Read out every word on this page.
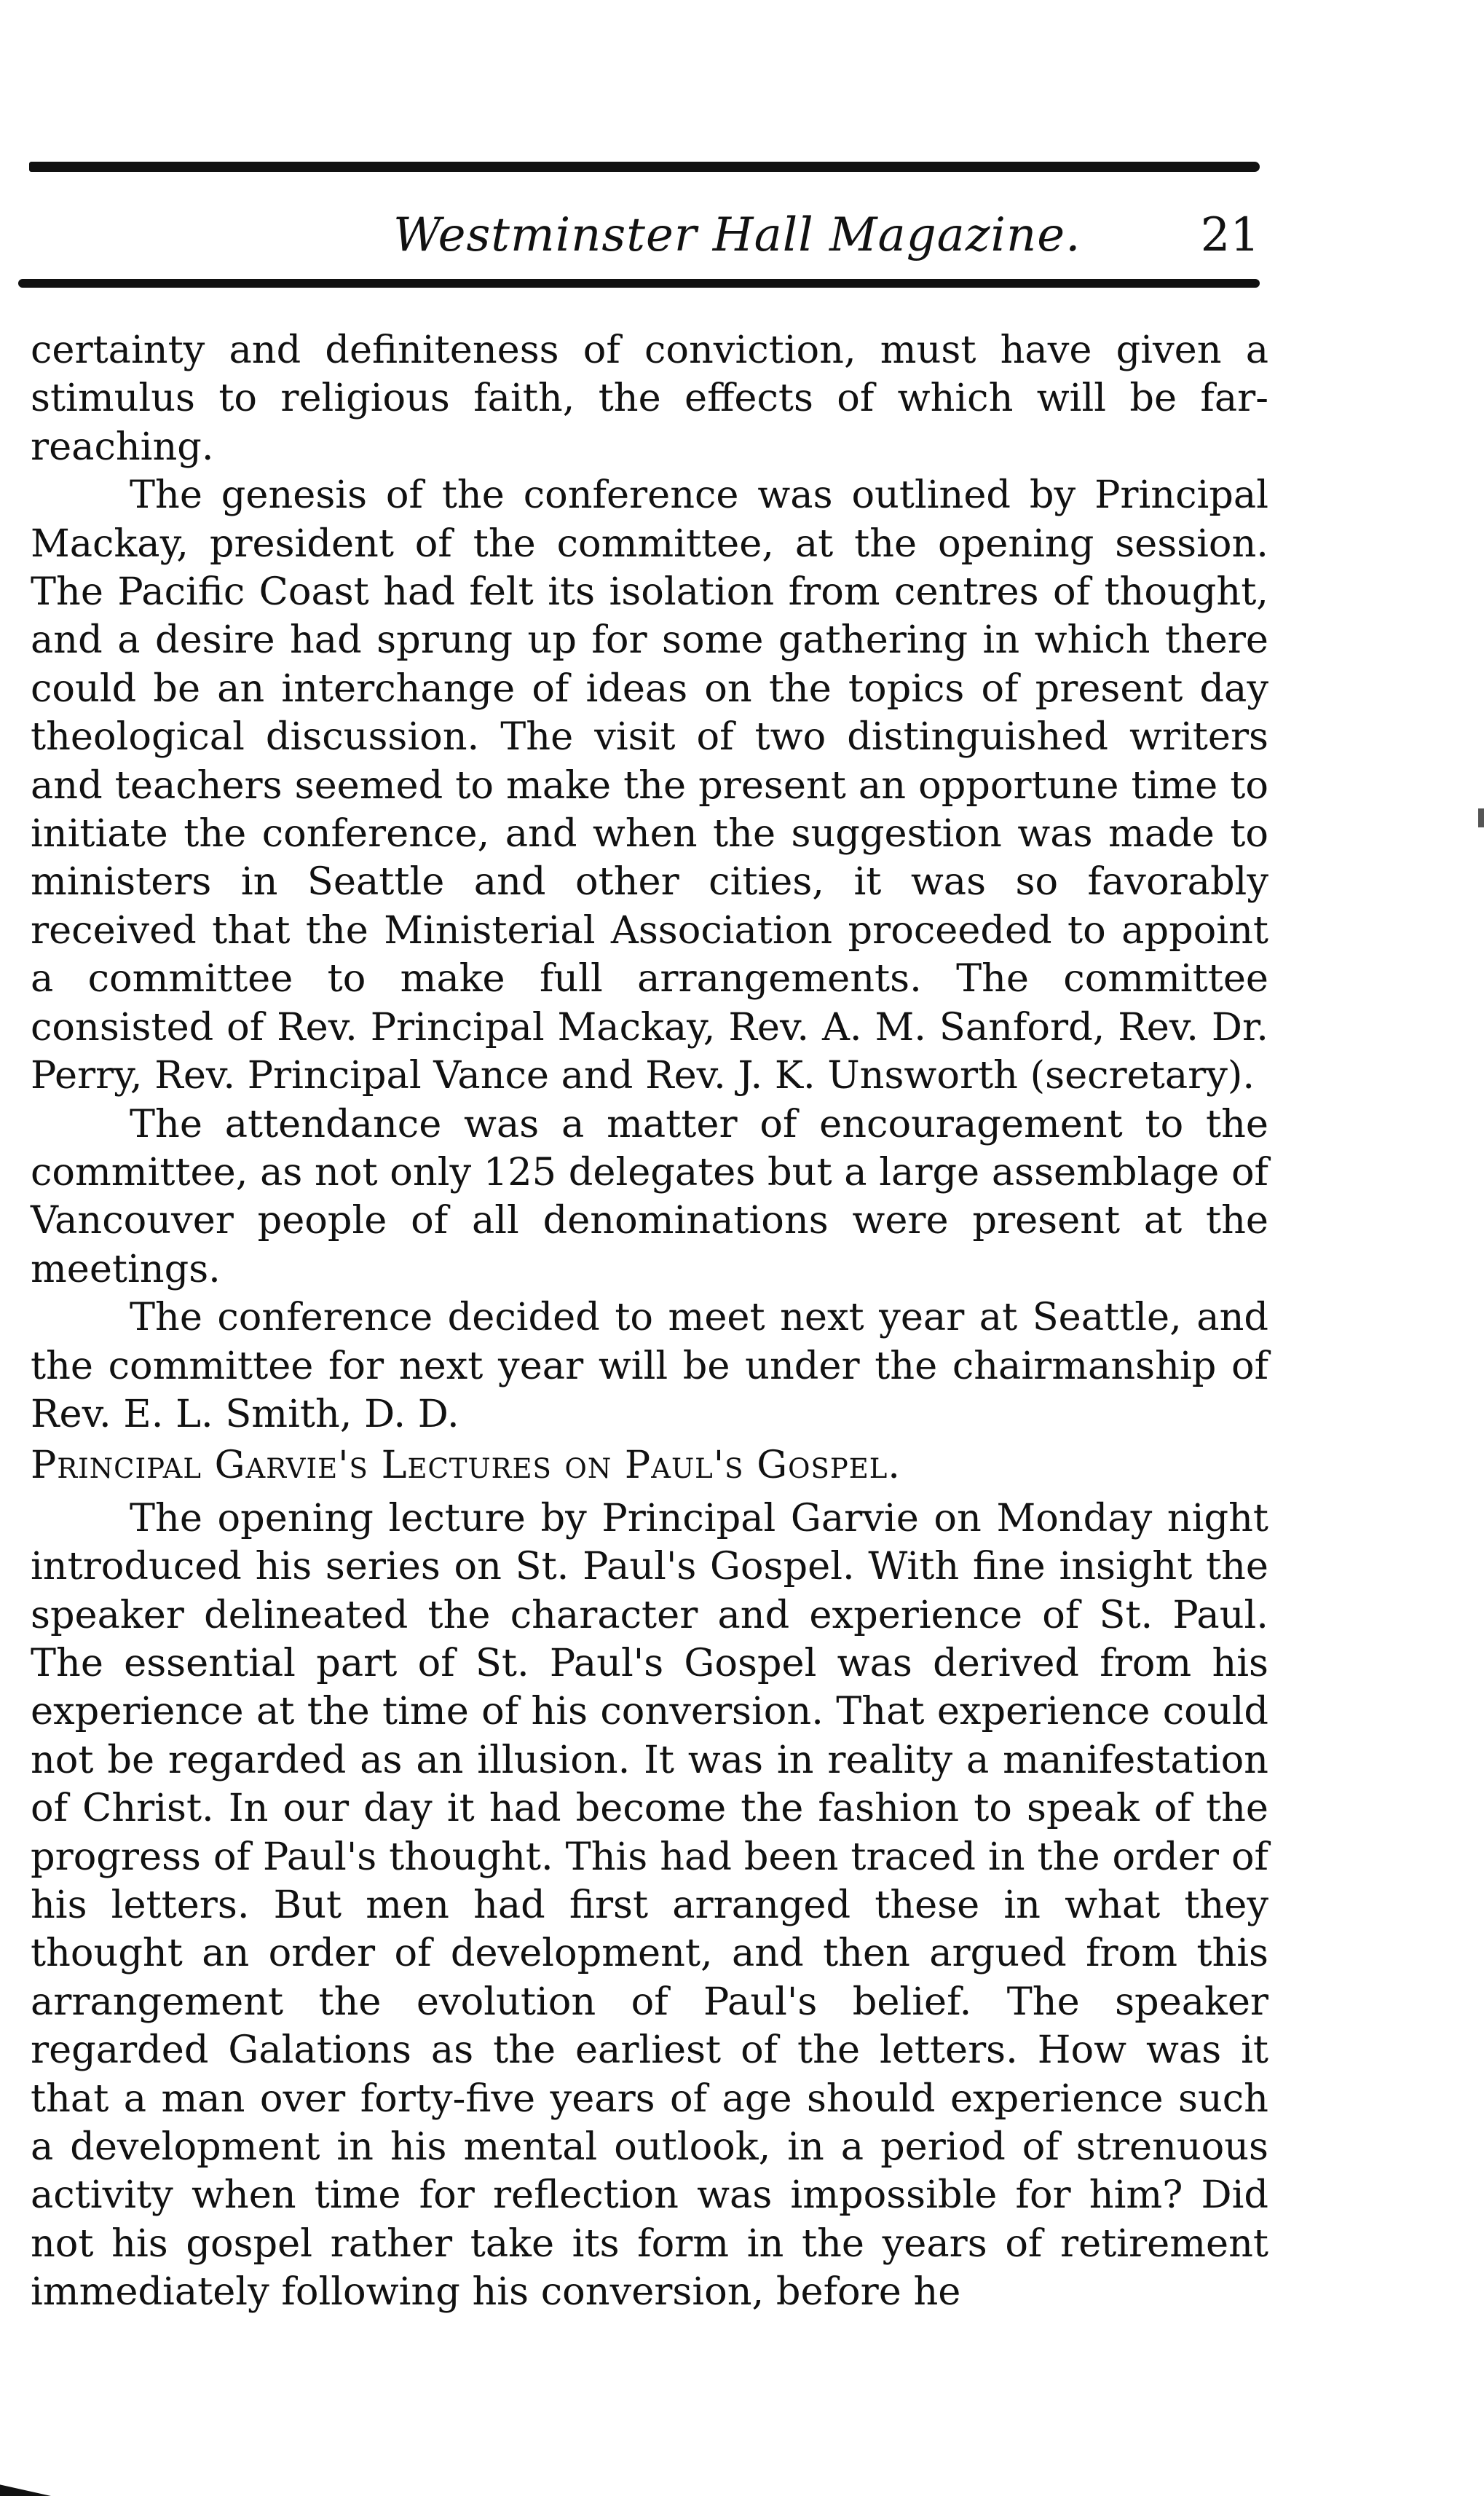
Westminster Hall Magazine.	21

certainty and definiteness of conviction, must have given a stimulus to religious faith, the effects of which will be far-reaching.

The genesis of the conference was outlined by Principal Mackay, president of the committee, at the opening session. The Pacific Coast had felt its isolation from centres of thought, and a desire had sprung up for some gathering in which there could be an interchange of ideas on the topics of present day theological discussion. The visit of two distinguished writers and teachers seemed to make the present an opportune time to initiate the conference, and when the suggestion was made to ministers in Seattle and other cities, it was so favorably received that the Ministerial Association proceeded to appoint a committee to make full arrangements. The committee consisted of Rev. Principal Mackay, Rev. A. M. Sanford, Rev. Dr. Perry, Rev. Principal Vance and Rev. J. K. Unsworth (secretary).

The attendance was a matter of encouragement to the committee, as not only 125 delegates but a large assemblage of Vancouver people of all denominations were present at the meetings.

The conference decided to meet next year at Seattle, and the committee for next year will be under the chairmanship of Rev. E. L. Smith, D. D.

Principal Garvie's Lectures on Paul's Gospel.

The opening lecture by Principal Garvie on Monday night introduced his series on St. Paul's Gospel. With fine insight the speaker delineated the character and experience of St. Paul. The essential part of St. Paul's Gospel was derived from his experience at the time of his conversion. That experience could not be regarded as an illusion. It was in reality a manifestation of Christ. In our day it had become the fashion to speak of the progress of Paul's thought. This had been traced in the order of his letters. But men had first arranged these in what they thought an order of development, and then argued from this arrangement the evolution of Paul's belief. The speaker regarded Galations as the earliest of the letters. How was it that a man over forty-five years of age should experience such a development in his mental outlook, in a period of strenuous activity when time for reflection was impossible for him? Did not his gospel rather take its form in the years of retirement immediately following his conversion, before he
